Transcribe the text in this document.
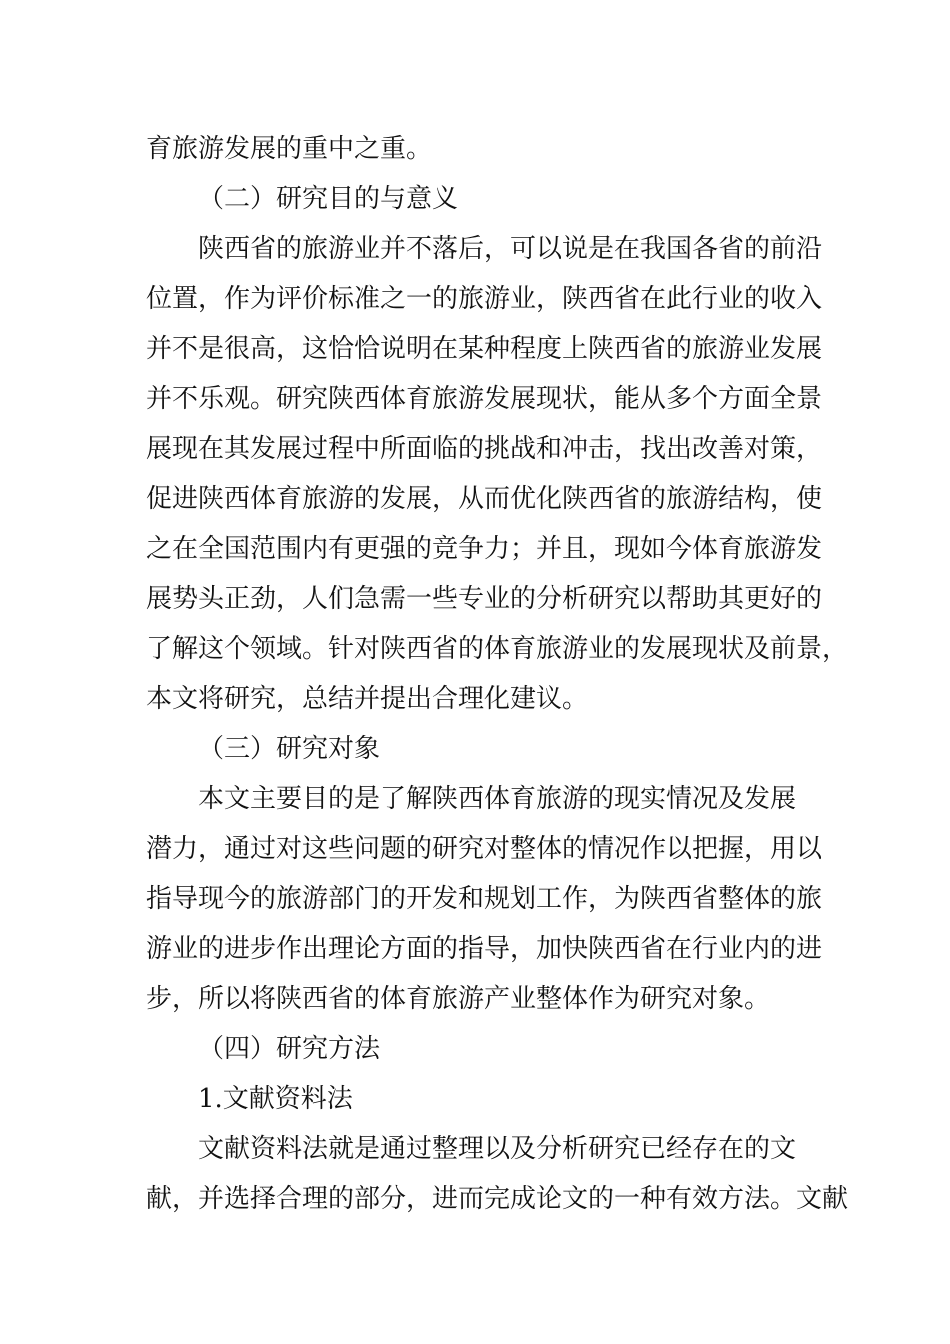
育旅游发展的重中之重。
（二）研究目的与意义
陕西省的旅游业并不落后，可以说是在我国各省的前沿
位置，作为评价标准之一的旅游业，陕西省在此行业的收入
并不是很高，这恰恰说明在某种程度上陕西省的旅游业发展
并不乐观。研究陕西体育旅游发展现状，能从多个方面全景
展现在其发展过程中所面临的挑战和冲击，找出改善对策，
促进陕西体育旅游的发展，从而优化陕西省的旅游结构，使
之在全国范围内有更强的竞争力；并且，现如今体育旅游发
展势头正劲，人们急需一些专业的分析研究以帮助其更好的
了解这个领域。针对陕西省的体育旅游业的发展现状及前景，
本文将研究，总结并提出合理化建议。
（三）研究对象
本文主要目的是了解陕西体育旅游的现实情况及发展
潜力，通过对这些问题的研究对整体的情况作以把握，用以
指导现今的旅游部门的开发和规划工作，为陕西省整体的旅
游业的进步作出理论方面的指导，加快陕西省在行业内的进
步，所以将陕西省的体育旅游产业整体作为研究对象。
（四）研究方法
1.文献资料法
文献资料法就是通过整理以及分析研究已经存在的文
献，并选择合理的部分，进而完成论文的一种有效方法。文献
